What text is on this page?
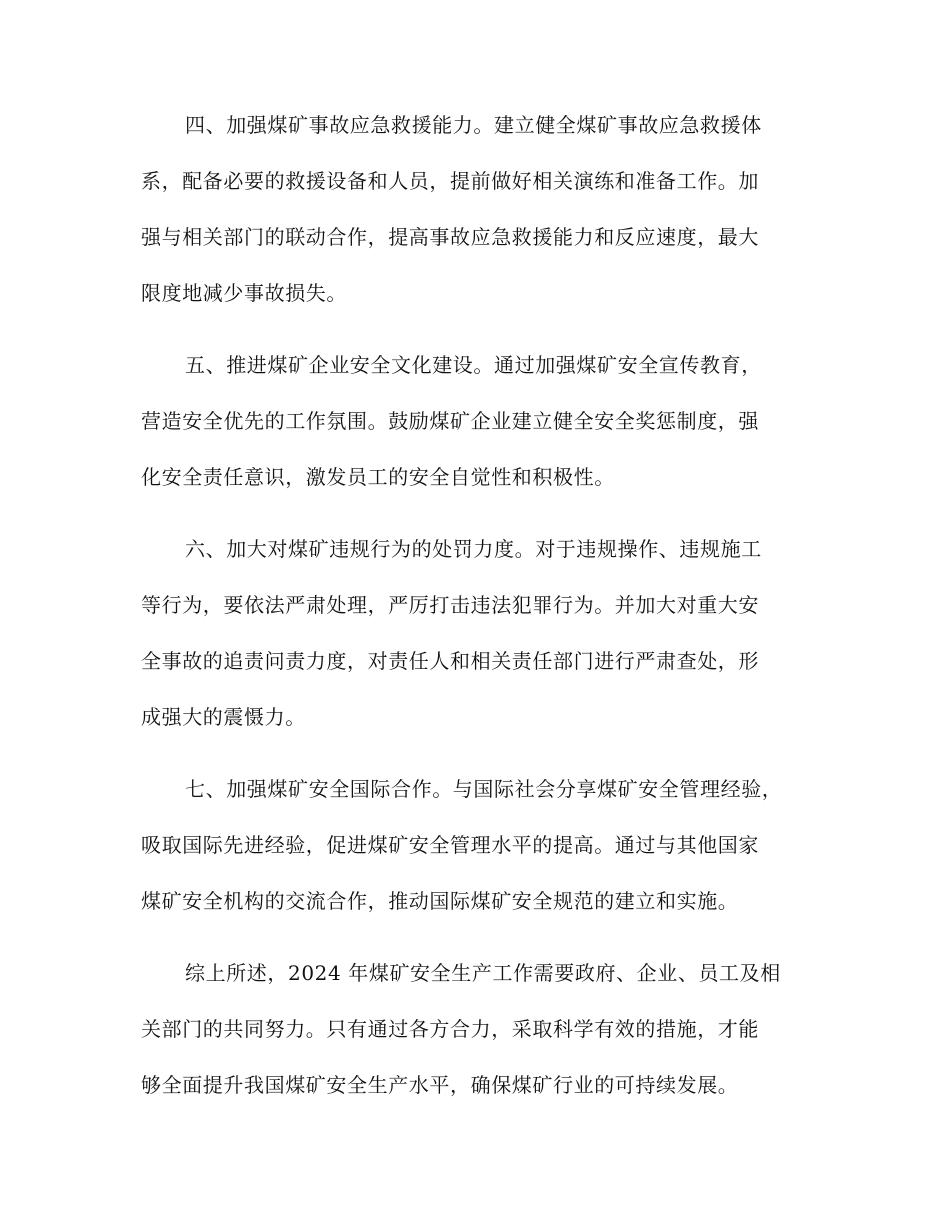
四、加强煤矿事故应急救援能力。建立健全煤矿事故应急救援体

系，配备必要的救援设备和人员，提前做好相关演练和准备工作。加

强与相关部门的联动合作，提高事故应急救援能力和反应速度，最大

限度地减少事故损失。

五、推进煤矿企业安全文化建设。通过加强煤矿安全宣传教育，

营造安全优先的工作氛围。鼓励煤矿企业建立健全安全奖惩制度，强

化安全责任意识，激发员工的安全自觉性和积极性。

六、加大对煤矿违规行为的处罚力度。对于违规操作、违规施工

等行为，要依法严肃处理，严厉打击违法犯罪行为。并加大对重大安

全事故的追责问责力度，对责任人和相关责任部门进行严肃查处，形

成强大的震慑力。

七、加强煤矿安全国际合作。与国际社会分享煤矿安全管理经验，

吸取国际先进经验，促进煤矿安全管理水平的提高。通过与其他国家

煤矿安全机构的交流合作，推动国际煤矿安全规范的建立和实施。

综上所述，2024 年煤矿安全生产工作需要政府、企业、员工及相

关部门的共同努力。只有通过各方合力，采取科学有效的措施，才能

够全面提升我国煤矿安全生产水平，确保煤矿行业的可持续发展。
